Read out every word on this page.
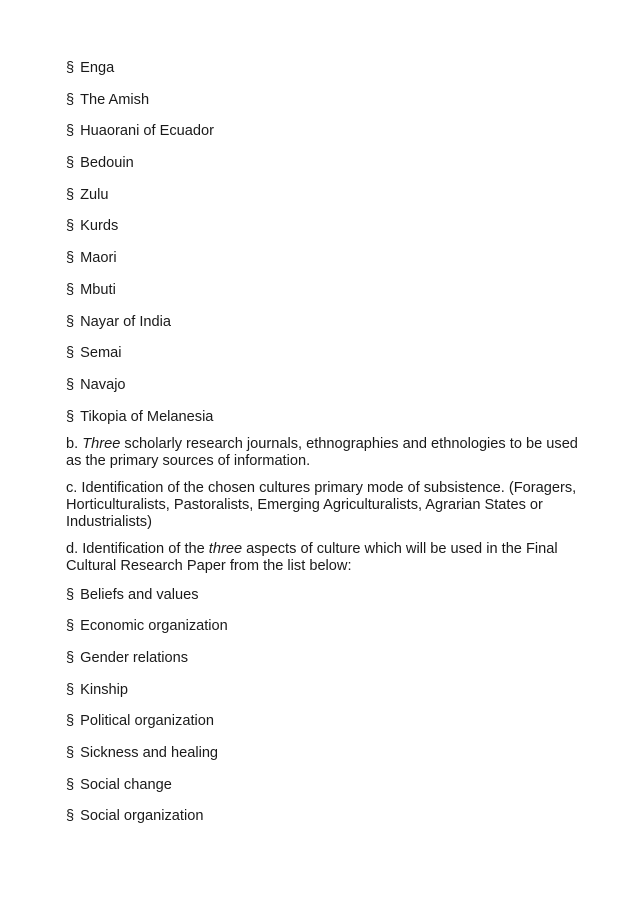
§ Enga
§ The Amish
§ Huaorani of Ecuador
§ Bedouin
§ Zulu
§ Kurds
§ Maori
§ Mbuti
§ Nayar of India
§ Semai
§ Navajo
§ Tikopia of Melanesia

b. Three scholarly research journals, ethnographies and ethnologies to be used as the primary sources of information.

c. Identification of the chosen cultures primary mode of subsistence. (Foragers, Horticulturalists, Pastoralists, Emerging Agriculturalists, Agrarian States or Industrialists)

d. Identification of the three aspects of culture which will be used in the Final Cultural Research Paper from the list below:

§ Beliefs and values
§ Economic organization
§ Gender relations
§ Kinship
§ Political organization
§ Sickness and healing
§ Social change
§ Social organization
